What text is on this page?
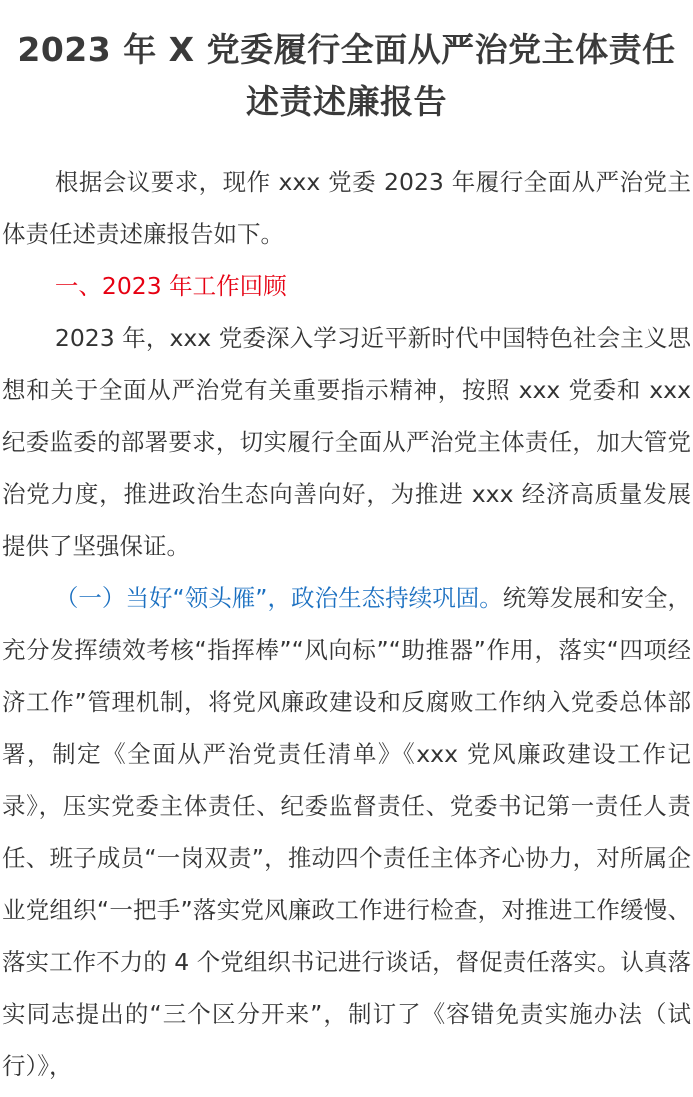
2023 年 X 党委履行全面从严治党主体责任
述责述廉报告

根据会议要求，现作 xxx 党委 2023 年履行全面从严治党主体责任述责述廉报告如下。

一、2023 年工作回顾

2023 年，xxx 党委深入学习近平新时代中国特色社会主义思想和关于全面从严治党有关重要指示精神，按照 xxx 党委和 xxx 纪委监委的部署要求，切实履行全面从严治党主体责任，加大管党治党力度，推进政治生态向善向好，为推进 xxx 经济高质量发展提供了坚强保证。

（一）当好“领头雁”，政治生态持续巩固。统筹发展和安全，充分发挥绩效考核“指挥棒”“风向标”“助推器”作用，落实“四项经济工作”管理机制，将党风廉政建设和反腐败工作纳入党委总体部署，制定《全面从严治党责任清单》《xxx 党风廉政建设工作记录》，压实党委主体责任、纪委监督责任、党委书记第一责任人责任、班子成员“一岗双责”，推动四个责任主体齐心协力，对所属企业党组织“一把手”落实党风廉政工作进行检查，对推进工作缓慢、落实工作不力的 4 个党组织书记进行谈话，督促责任落实。认真落实同志提出的“三个区分开来”，制订了《容错免责实施办法（试行）》，
